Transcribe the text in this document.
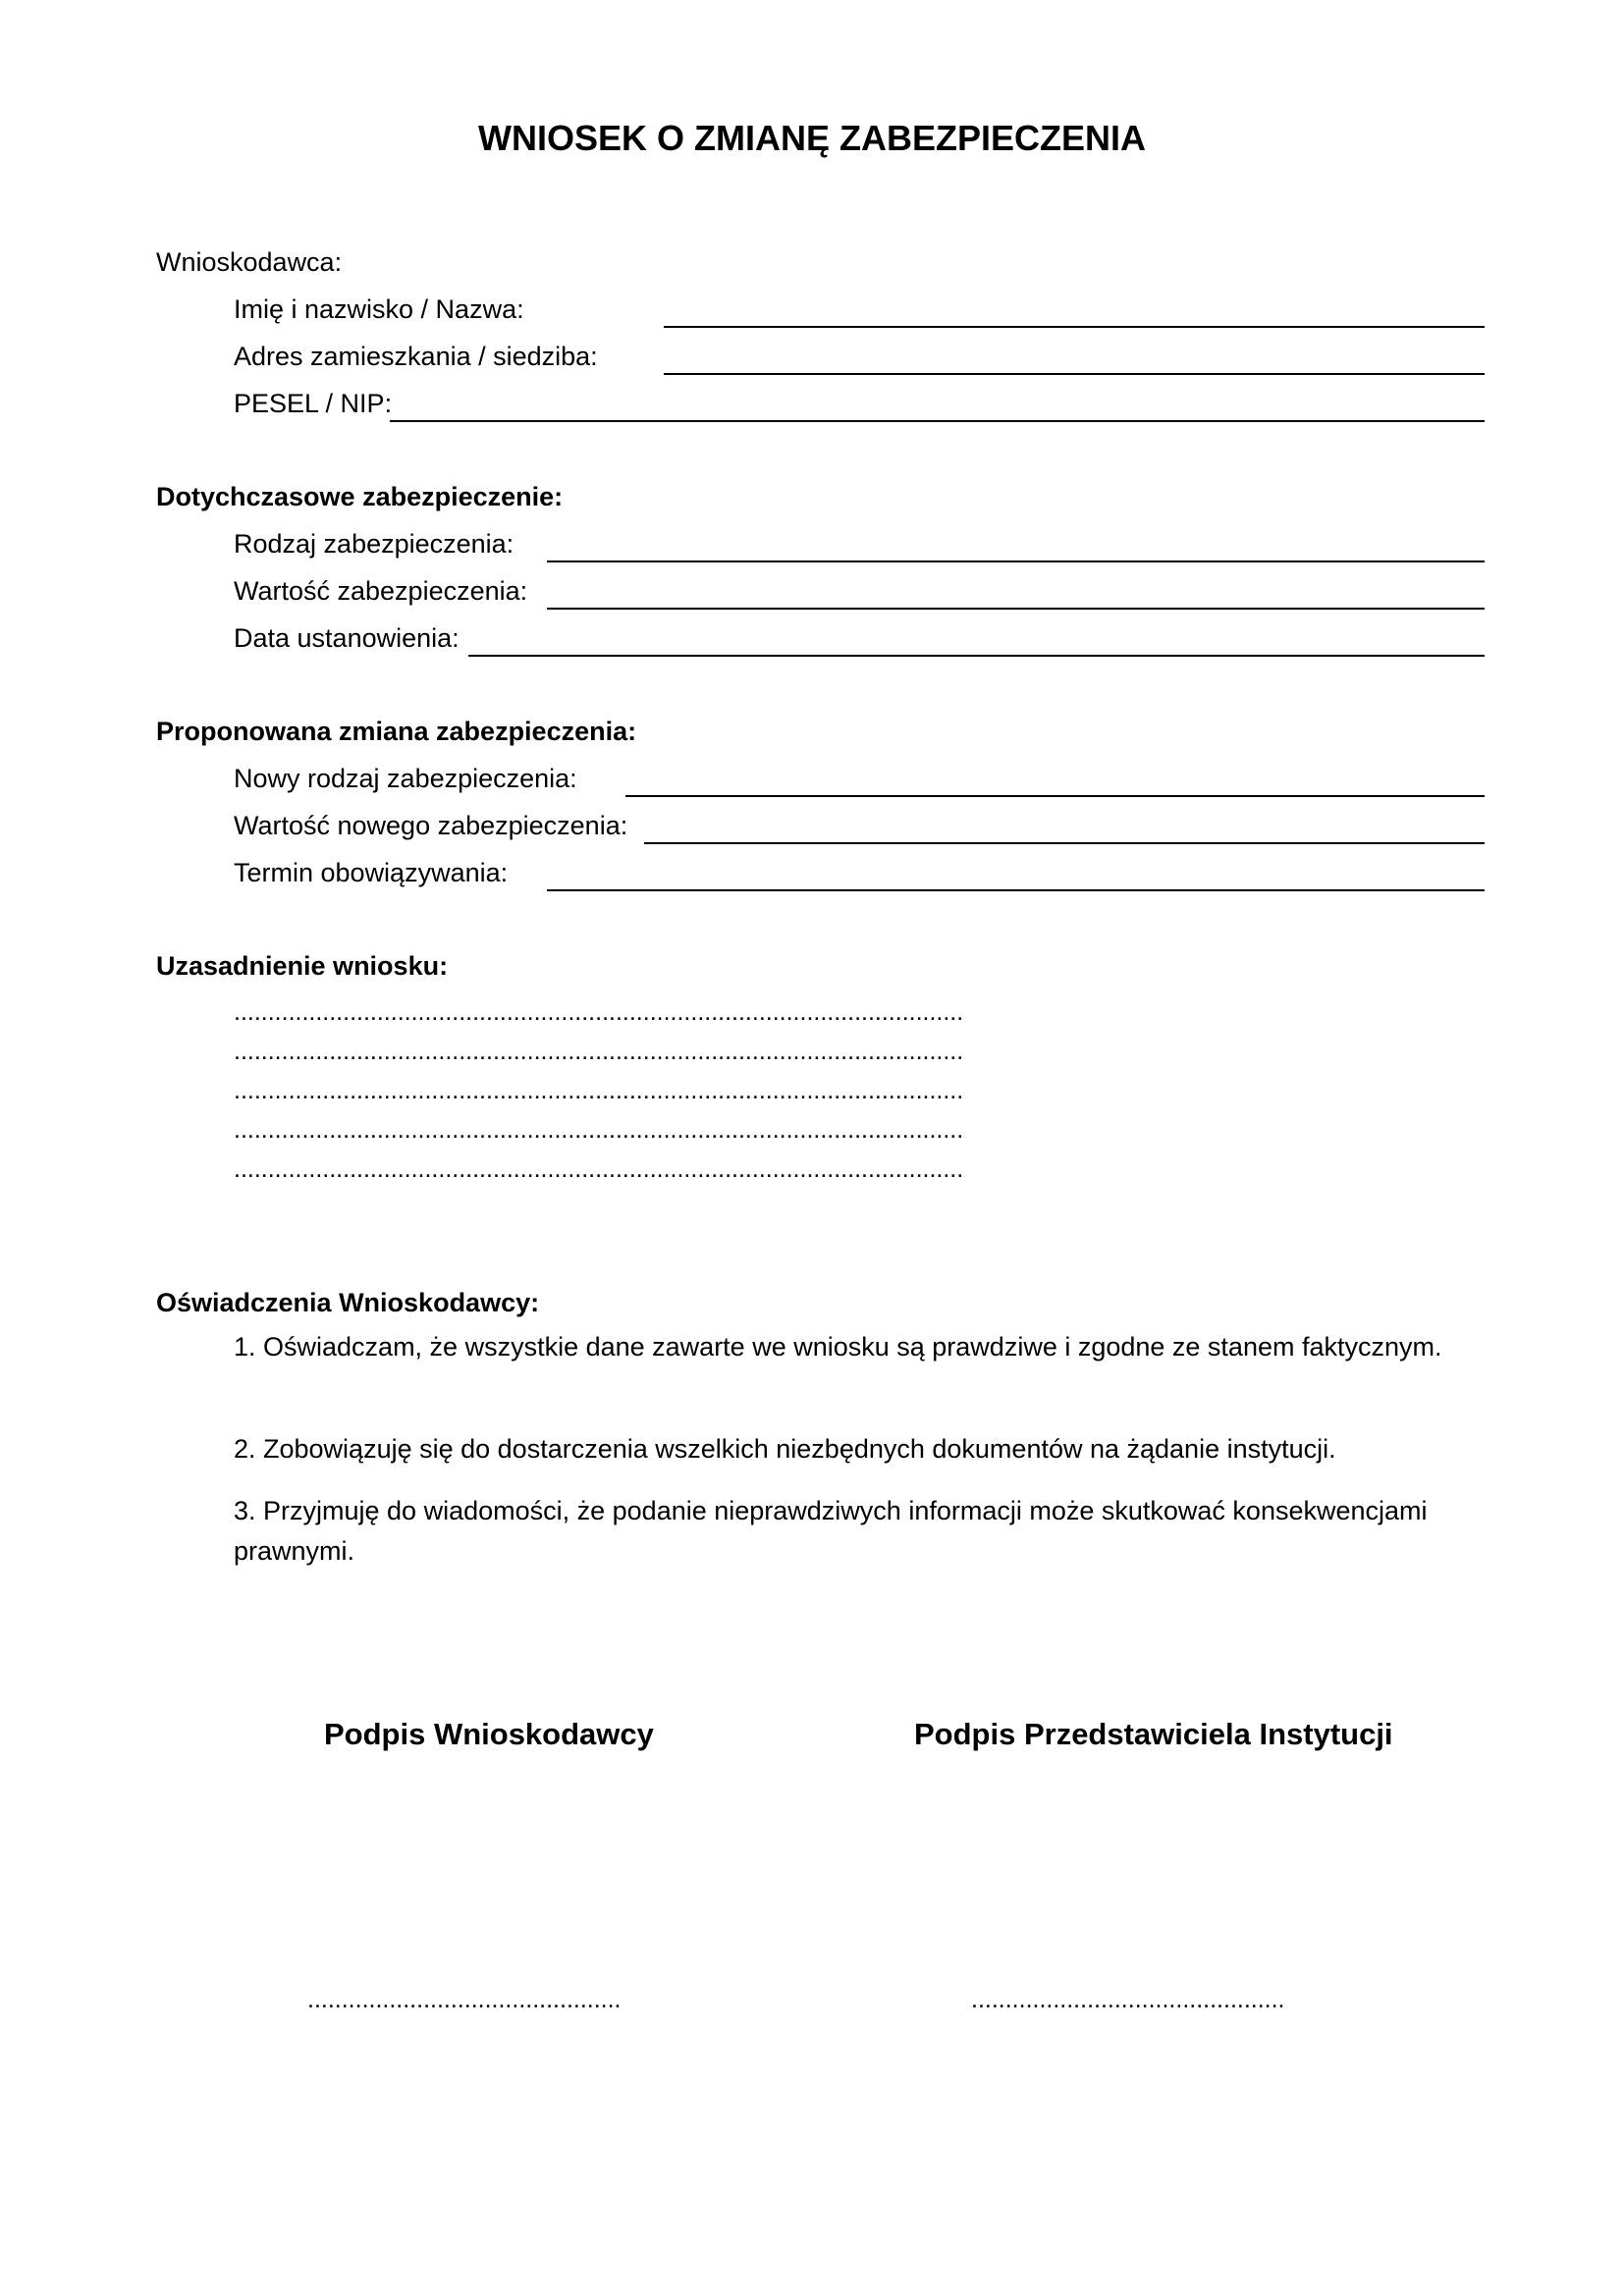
WNIOSEK O ZMIANĘ ZABEZPIECZENIA
Wnioskodawca:
Imię i nazwisko / Nazwa:
Adres zamieszkania / siedziba:
PESEL / NIP:
Dotychczasowe zabezpieczenie:
Rodzaj zabezpieczenia:
Wartość zabezpieczenia:
Data ustanowienia:
Proponowana zmiana zabezpieczenia:
Nowy rodzaj zabezpieczenia:
Wartość nowego zabezpieczenia:
Termin obowiązywania:
Uzasadnienie wniosku:
...........................................................................................................
...........................................................................................................
...........................................................................................................
...........................................................................................................
...........................................................................................................
Oświadczenia Wnioskodawcy:
1. Oświadczam, że wszystkie dane zawarte we wniosku są prawdziwe i zgodne ze stanem faktycznym.
2. Zobowiązuję się do dostarczenia wszelkich niezbędnych dokumentów na żądanie instytucji.
3. Przyjmuję do wiadomości, że podanie nieprawdziwych informacji może skutkować konsekwencjami prawnymi.
Podpis Wnioskodawcy	Podpis Przedstawiciela Instytucji
..............................................	..............................................
